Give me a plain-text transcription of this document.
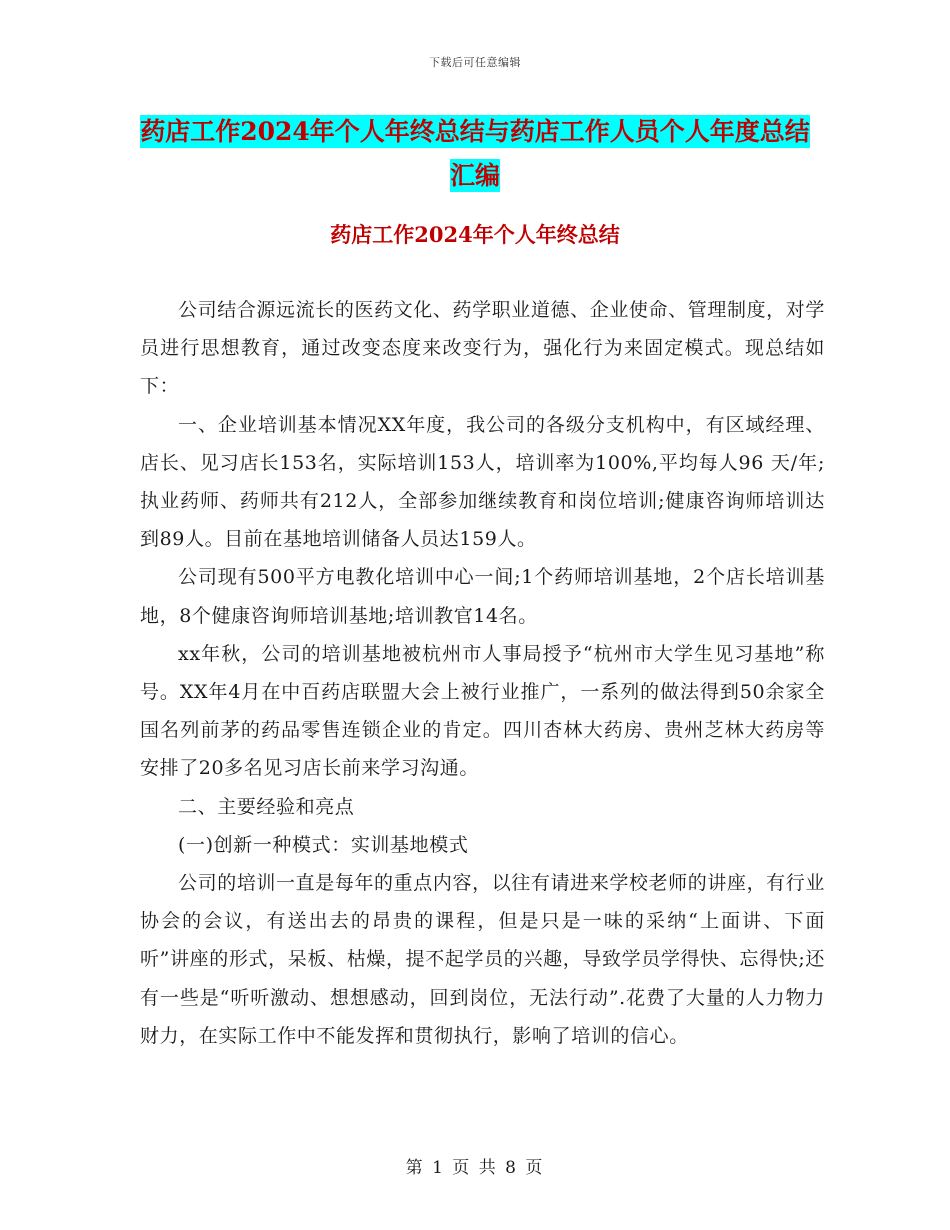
下载后可任意编辑
药店工作2024年个人年终总结与药店工作人员个人年度总结汇编
药店工作2024年个人年终总结

公司结合源远流长的医药文化、药学职业道德、企业使命、管理制度，对学员进行思想教育，通过改变态度来改变行为，强化行为来固定模式。现总结如下：

一、企业培训基本情况XX年度，我公司的各级分支机构中，有区域经理、店长、见习店长153名，实际培训153人，培训率为100%,平均每人96 天/年;执业药师、药师共有212人，全部参加继续教育和岗位培训;健康咨询师培训达到89人。目前在基地培训储备人员达159人。

公司现有500平方电教化培训中心一间;1个药师培训基地，2个店长培训基地，8个健康咨询师培训基地;培训教官14名。

xx年秋，公司的培训基地被杭州市人事局授予“杭州市大学生见习基地”称号。XX年4月在中百药店联盟大会上被行业推广，一系列的做法得到50余家全国名列前茅的药品零售连锁企业的肯定。四川杏林大药房、贵州芝林大药房等安排了20多名见习店长前来学习沟通。

二、主要经验和亮点

(一)创新一种模式：实训基地模式

公司的培训一直是每年的重点内容，以往有请进来学校老师的讲座，有行业协会的会议，有送出去的昂贵的课程，但是只是一味的采纳“上面讲、下面听”讲座的形式，呆板、枯燥，提不起学员的兴趣，导致学员学得快、忘得快;还有一些是“听听激动、想想感动，回到岗位，无法行动”.花费了大量的人力物力财力，在实际工作中不能发挥和贯彻执行，影响了培训的信心。

第 1 页 共 8 页
